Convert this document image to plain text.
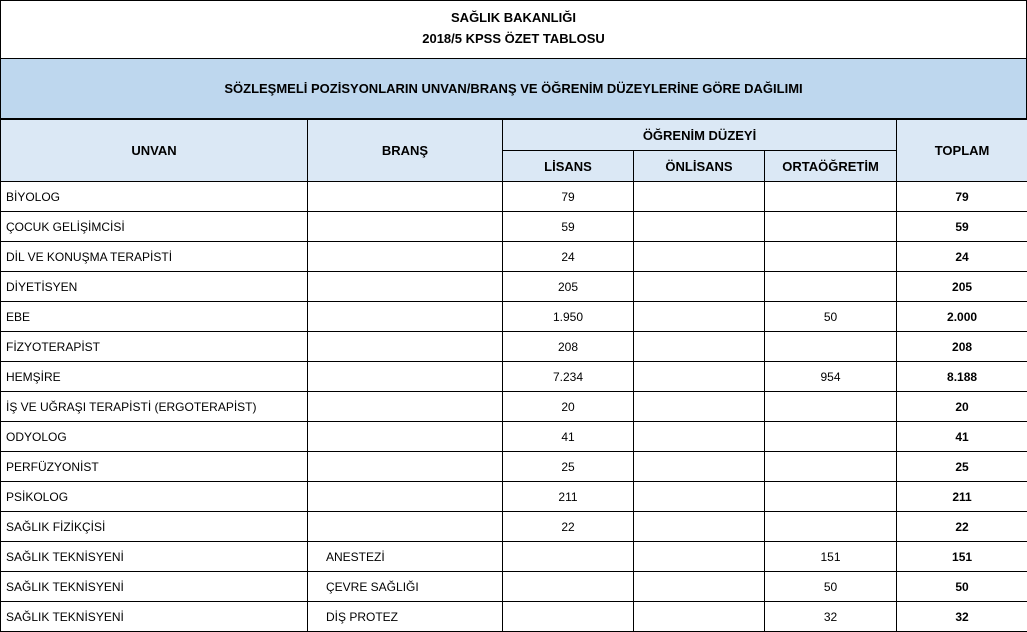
SAĞLIK BAKANLIĞI
2018/5 KPSS ÖZET TABLOSU
SÖZLEŞMELİ POZİSYONLARIN UNVAN/BRANŞ VE ÖĞRENİM DÜZEYLERİNE GÖRE DAĞILIMI
UNVAN	BRANŞ	ÖĞRENİM DÜZEYİ			TOPLAM
		LİSANS	ÖNLİSANS	ORTAÖĞRETİM	
BİYOLOG		79			79
ÇOCUK GELİŞİMCİSİ		59			59
DİL VE KONUŞMA TERAPİSTİ		24			24
DİYETİSYEN		205			205
EBE		1.950		50	2.000
FİZYOTERAPİST		208			208
HEMŞİRE		7.234		954	8.188
İŞ VE UĞRAŞI TERAPİSTİ (ERGOTERAPİST)		20			20
ODYOLOG		41			41
PERFÜZYONİST		25			25
PSİKOLOG		211			211
SAĞLIK FİZİKÇİSİ		22			22
SAĞLIK TEKNİSYENİ	ANESTEZİ			151	151
SAĞLIK TEKNİSYENİ	ÇEVRE SAĞLIĞI			50	50
SAĞLIK TEKNİSYENİ	DİŞ PROTEZ			32	32
